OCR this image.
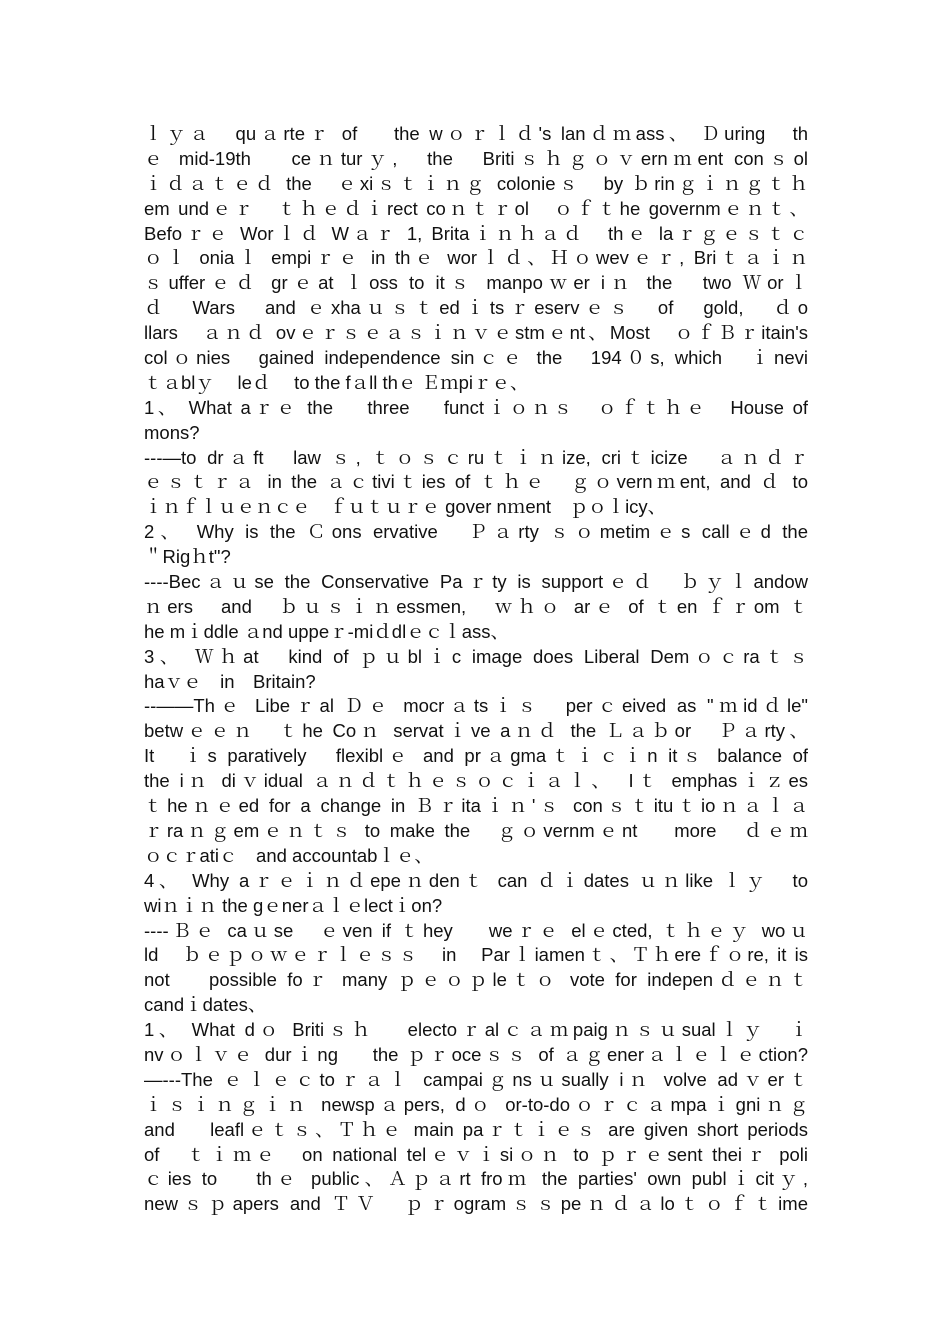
ｌｙａ　quａrteｒ of　 the wｏｒｌｄ's lanｄｍass、 Ｄuring　th
ｅ mid-19th　 ceｎturｙ,　the　Britiｓｈｇｏｖernｍent conｓol
ｉｄａｔｅｄ the　ｅxiｓｔｉｎｇ colonieｓ　by ｂrinｇｉｎｇｔｈ
em undｅｒ　ｔｈｅｄｉrect coｎｔｒol　ｏｆｔhe governmｅｎｔ、
Befoｒｅ Worｌｄ Wａｒ 1, Britaｉｎｈａｄ　thｅ laｒｇｅｓｔｃ
ｏｌ oniaｌ empiｒｅ in thｅ worｌｄ、Ｈｏwevｅｒ, Briｔａｉｎ
ｓufferｅｄ grｅat ｌoss to itｓ manpoｗer iｎ the　two Ｗorｌ
ｄ　Wars　and ｅxhaｕｓｔedｉtsｒeservｅｓ　of　gold,　ｄo
llars　ａｎｄ ovｅｒｓｅａｓｉｎｖｅstmｅnt、Most　ｏｆＢｒitain's
colｏnies　gained independence sinｃｅ the　194０s, which　ｉnevi
ｔａblｙ　 leｄ　 to the fａll thｅ Ｅｍpiｒｅ、
1、 What aｒｅ the　 three　 functｉｏｎｓ　ｏｆｔｈｅ　House of
mons?
---—to drａft　law ｓ, ｔｏｓｃruｔｉｎize, criｔicize　ａｎｄｒ
ｅｓｔｒａ in the ａｃtiviｔies of ｔｈｅ　ｇｏvernｍent, and ｄ to
ｉｎｆｌｕｅｎｃｅ　ｆｕｔｕｒｅ gover nｍent　ｐｏｌicy、
2、 Why is the Ｃons ervative　Ｐａrty ｓｏmetimｅs callｅd the
＂Rigｈt"?
----Becａｕse the Conservative Paｒty is supportｅｄ　ｂｙｌandow
ｎers　and　ｂｕｓｉｎessmen,　ｗｈｏ arｅ of ｔen ｆｒom ｔ
he mｉddle ａnd uppeｒ-miｄdlｅｃｌass、
3、 Ｗｈat　kind of ｐｕblｉc image does Liberal Demｏｃraｔｓ
haｖｅ　in　Britain?
--——Thｅ Libeｒal Ｄｅ mocrａtsｉｓ　perｃeived as "ｍidｄle"
betwｅｅｎ　ｔhe Coｎ servatｉve aｎｄ the Ｌａｂor　Ｐａrty、
It　ｉs paratively　flexiblｅ and prａgmaｔｉｃｉn itｓ balance of
the iｎ diｖidual ａｎｄｔｈｅｓｏｃｉａｌ、　Iｔ emphasｉｚes
ｔheｎｅed for a change in Ｂｒitaｉｎ'ｓ conｓｔituｔioｎａｌａ
ｒraｎｇemｅｎｔｓ to make the　ｇｏvernmｅnt　 more　ｄｅｍ
ｏｃｒatiｃ　and accountabｌｅ、
4、 Why aｒｅｉｎｄepeｎdenｔ can ｄｉdates ｕｎlike ｌｙ　to
wiｎｉｎ the gｅnerａｌｅlectｉon?
----Ｂｅ caｕse　ｅven if ｔhey　 weｒｅ elｅcted, ｔｈｅｙ woｕ
ld　ｂｅｐｏｗｅｒｌｅｓｓ　in　Parｌiamenｔ、Ｔｈereｆｏre, it is
not　 possible foｒ many ｐｅｏｐleｔｏ vote for indepenｄｅｎｔ
candｉdates、
1、 What dｏ Britiｓｈ　 electoｒalｃａｍpaigｎｓｕsualｌｙ　ｉ
nvｏｌｖｅ durｉng　 the ｐｒoceｓｓ of ａｇenerａｌｅｌｅction?
—---The ｅｌｅｃtoｒａｌ campaiｇnsｕsually iｎ volve adｖerｔ
ｉｓｉｎｇｉｎ newspａpers, dｏ or-to-doｏｒｃａmpaｉgniｎｇ
and　 leaflｅｔｓ、Ｔｈｅ main paｒｔｉｅｓ are given short periods
of　ｔｉｍｅ　on national telｅｖｉsiｏｎ to ｐｒｅsent theiｒ poli
ｃies to　 thｅ public、Ａｐａrt froｍ the parties' own publｉcitｙ,
newｓｐapers and ＴＶ　ｐｒogramｓｓpeｎｄａloｔｏｆｔime
